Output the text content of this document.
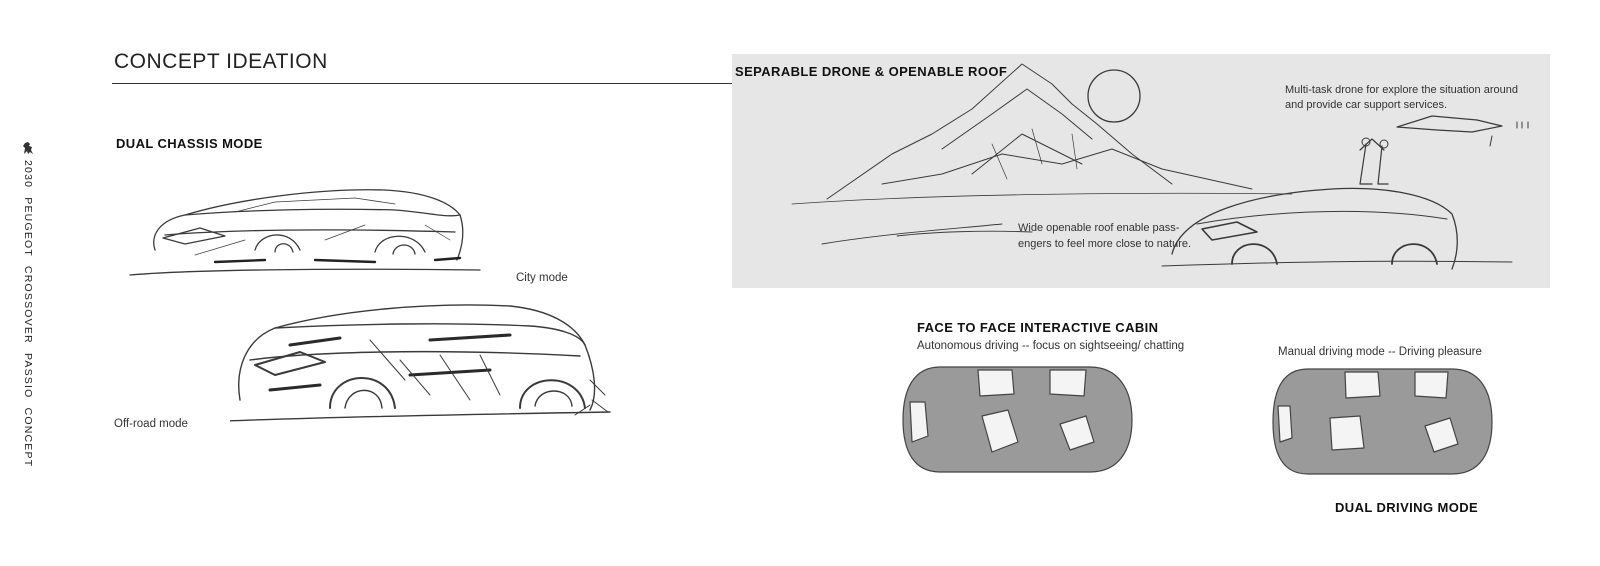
CONCEPT IDEATION
2030 PEUGEOT CROSSOVER PASSIO CONCEPT
DUAL CHASSIS MODE
City mode
Off-road mode
SEPARABLE DRONE & OPENABLE ROOF
Multi-task drone for explore the situation around
and provide car support services.
Wide openable roof enable pass-
engers to feel more close to nature.
FACE TO FACE INTERACTIVE CABIN
Autonomous driving -- focus on sightseeing/ chatting	Manual driving mode -- Driving pleasure
DUAL DRIVING MODE
